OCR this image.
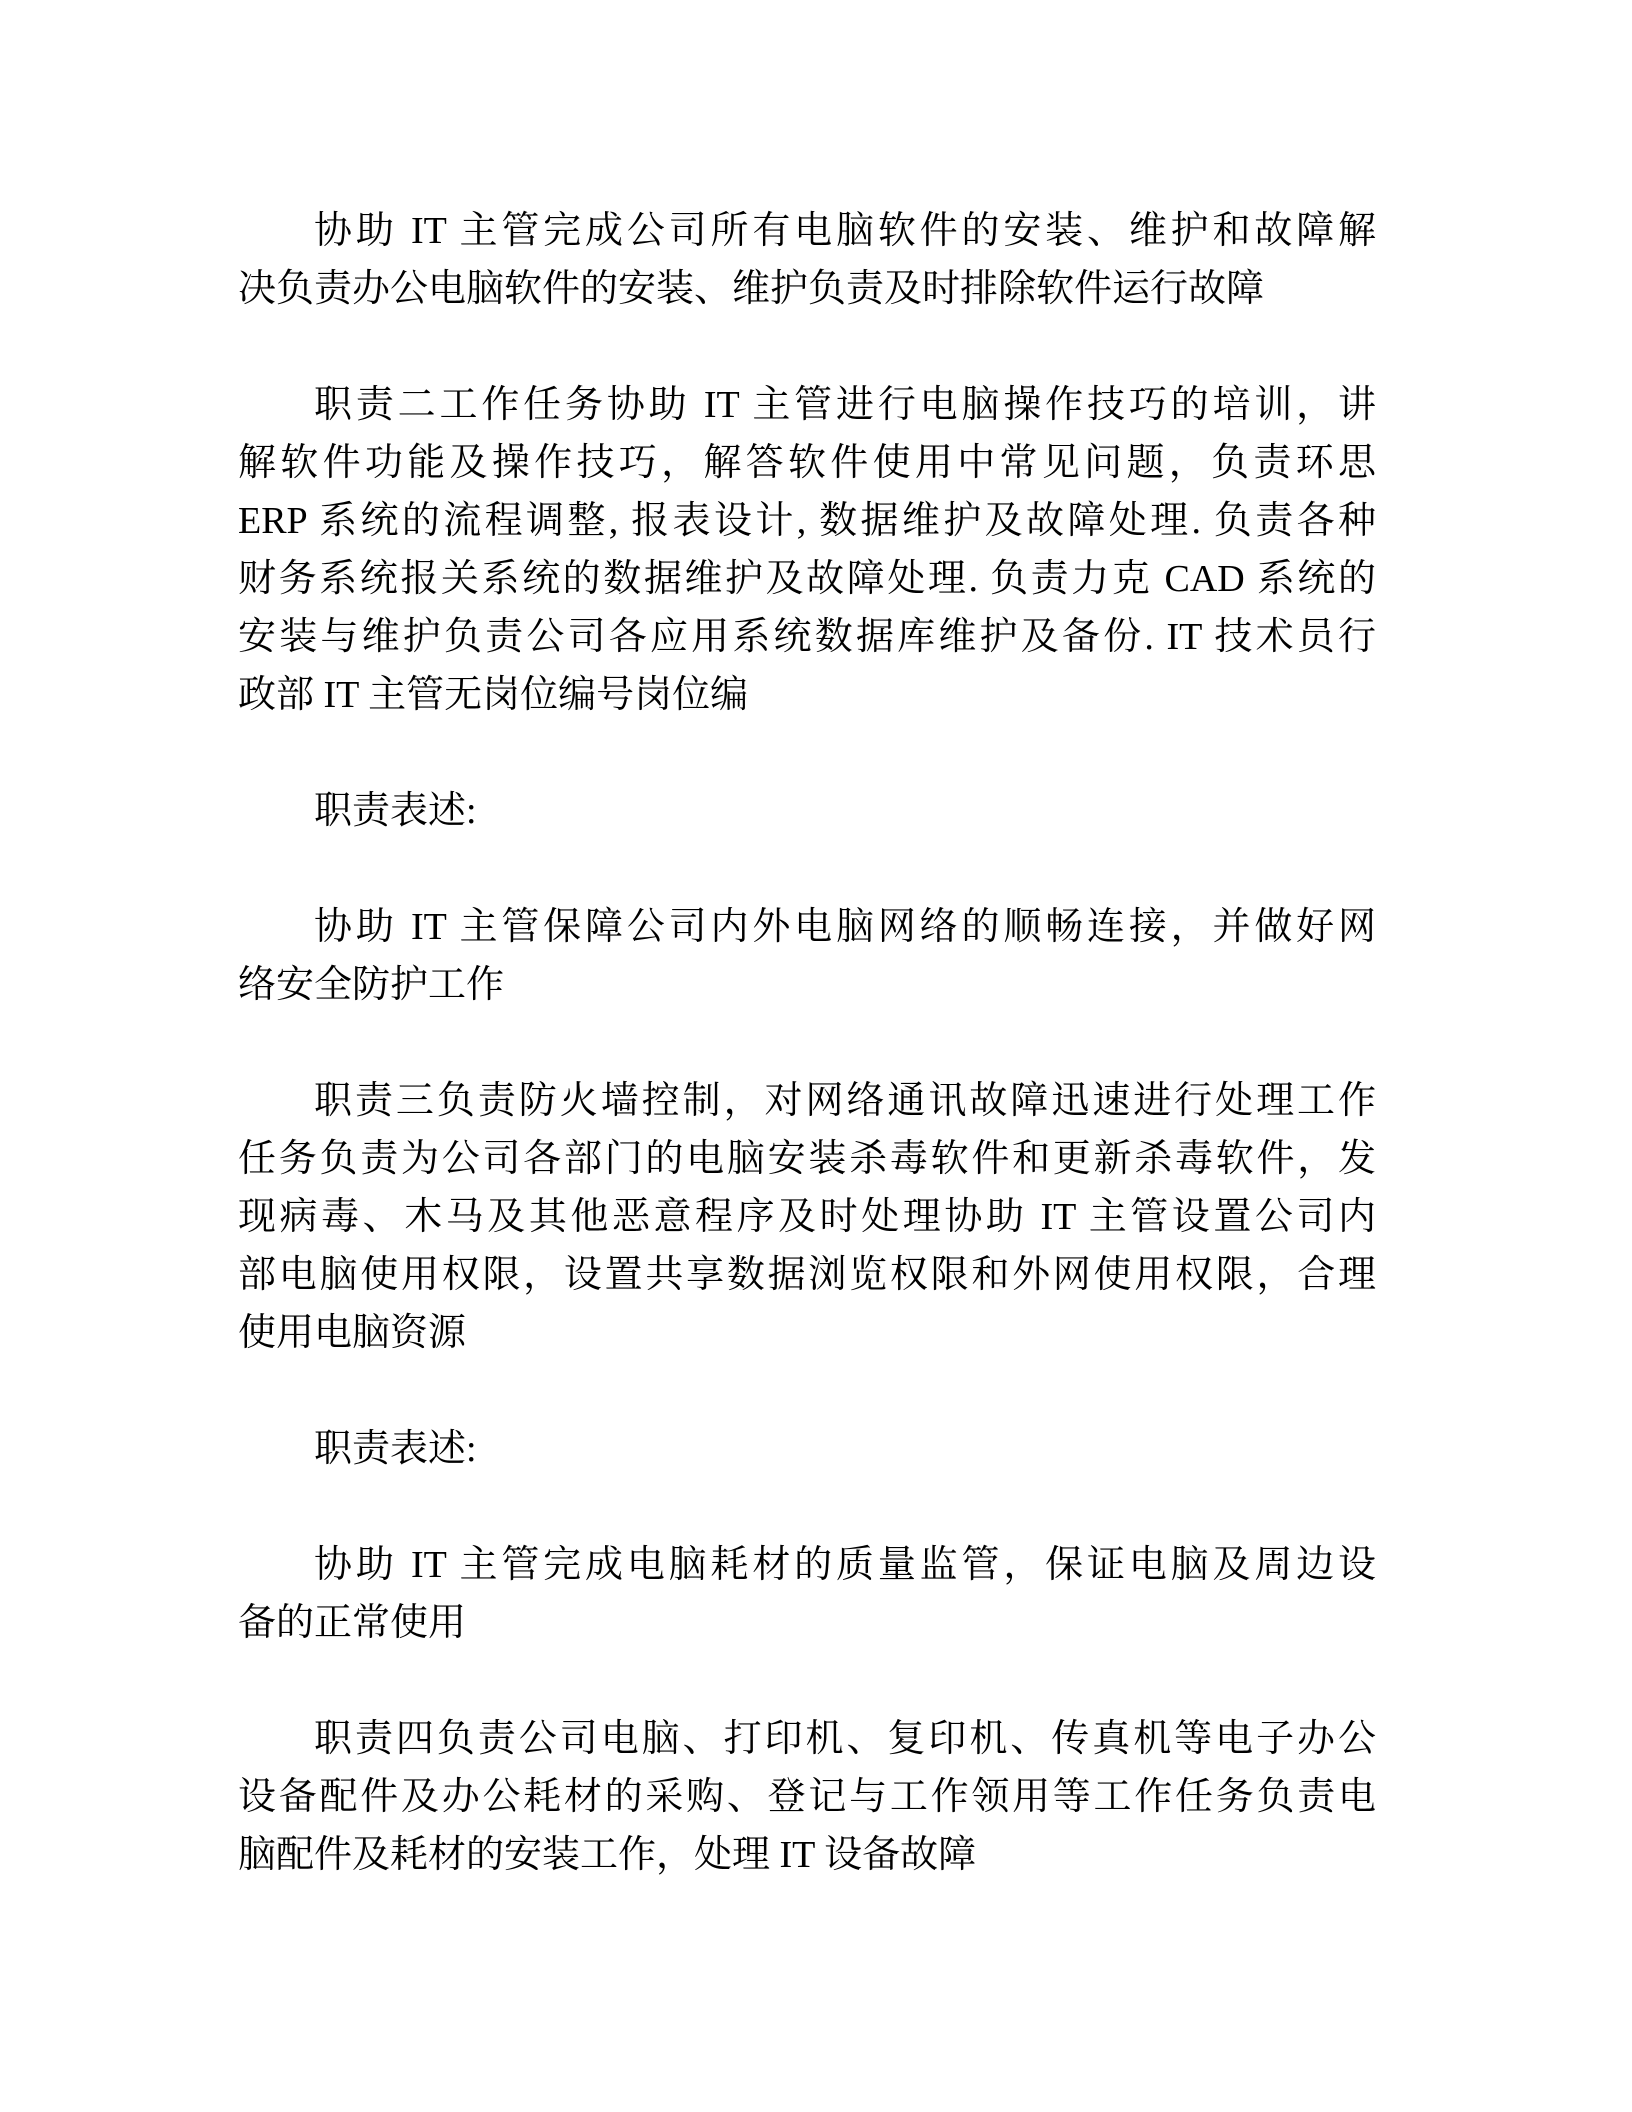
协助 IT 主管完成公司所有电脑软件的安装、维护和故障解
决负责办公电脑软件的安装、维护负责及时排除软件运行故障
职责二工作任务协助 IT 主管进行电脑操作技巧的培训，讲
解软件功能及操作技巧，解答软件使用中常见问题，负责环思
ERP 系统的流程调整, 报表设计, 数据维护及故障处理. 负责各种
财务系统报关系统的数据维护及故障处理. 负责力克 CAD 系统的
安装与维护负责公司各应用系统数据库维护及备份. IT 技术员行
政部 IT 主管无岗位编号岗位编
职责表述:
协助 IT 主管保障公司内外电脑网络的顺畅连接，并做好网
络安全防护工作
职责三负责防火墙控制，对网络通讯故障迅速进行处理工作
任务负责为公司各部门的电脑安装杀毒软件和更新杀毒软件，发
现病毒、木马及其他恶意程序及时处理协助 IT 主管设置公司内
部电脑使用权限，设置共享数据浏览权限和外网使用权限，合理
使用电脑资源
职责表述:
协助 IT 主管完成电脑耗材的质量监管，保证电脑及周边设
备的正常使用
职责四负责公司电脑、打印机、复印机、传真机等电子办公
设备配件及办公耗材的采购、登记与工作领用等工作任务负责电
脑配件及耗材的安装工作，处理 IT 设备故障
